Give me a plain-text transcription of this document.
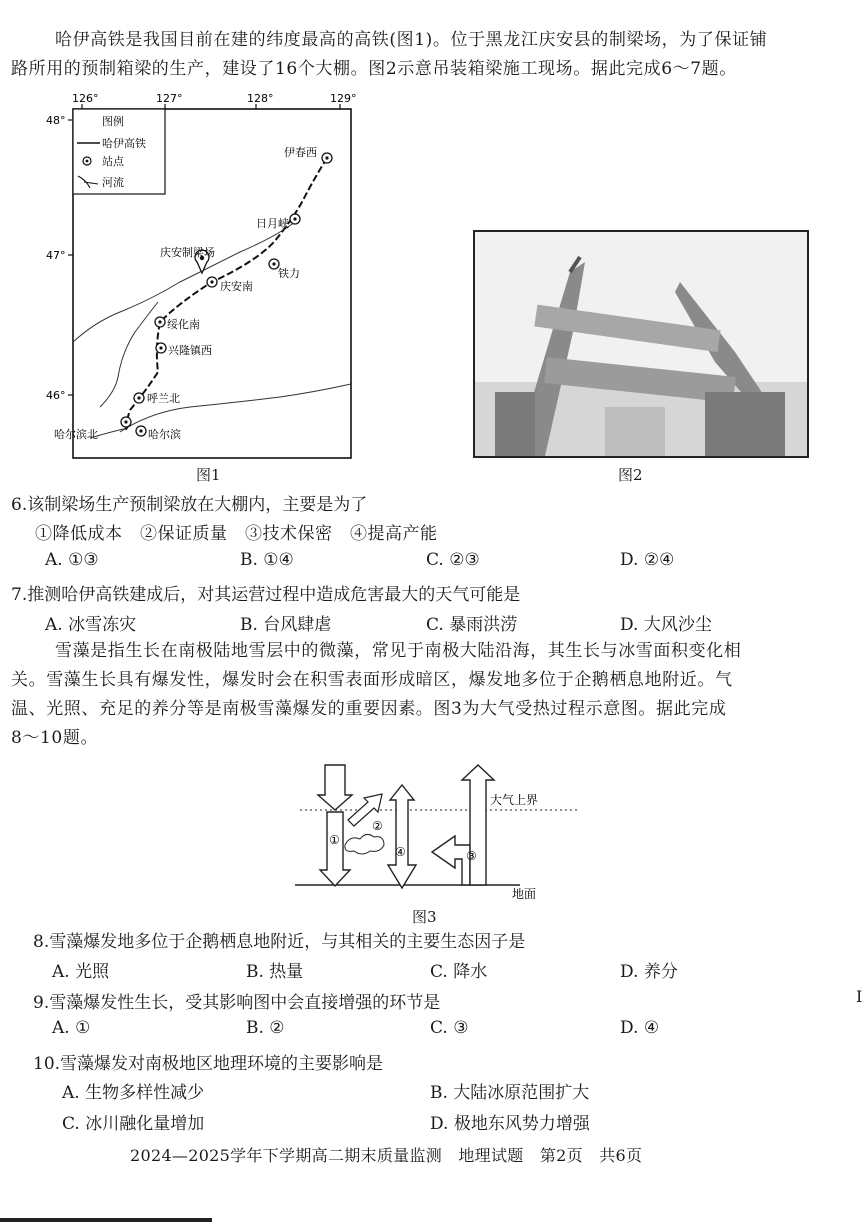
哈伊高铁是我国目前在建的纬度最高的高铁(图1)。位于黑龙江庆安县的制梁场，为了保证铺
路所用的预制箱梁的生产，建设了16个大棚。图2示意吊装箱梁施工现场。据此完成6～7题。
126°	127°	128°	129°
48°
47°
46°
图例
哈伊高铁
站点
河流
伊春西
日月峡
铁力
庆安南
绥化南
兴隆镇西
呼兰北
哈尔滨北	哈尔滨
庆安制梁场
图1	图2
6.该制梁场生产预制梁放在大棚内，主要是为了
①降低成本　②保证质量　③技术保密　④提高产能
A. ①③	B. ①④	C. ②③	D. ②④
7.推测哈伊高铁建成后，对其运营过程中造成危害最大的天气可能是
A. 冰雪冻灾	B. 台风肆虐	C. 暴雨洪涝	D. 大风沙尘
雪藻是指生长在南极陆地雪层中的微藻，常见于南极大陆沿海，其生长与冰雪面积变化相
关。雪藻生长具有爆发性，爆发时会在积雪表面形成暗区，爆发地多位于企鹅栖息地附近。气
温、光照、充足的养分等是南极雪藻爆发的重要因素。图3为大气受热过程示意图。据此完成
8～10题。
大气上界
地面
①
②
④	③
图3
8.雪藻爆发地多位于企鹅栖息地附近，与其相关的主要生态因子是
A. 光照	B. 热量	C. 降水	D. 养分
9.雪藻爆发性生长，受其影响图中会直接增强的环节是
A. ①	B. ②	C. ③	D. ④
I
10.雪藻爆发对南极地区地理环境的主要影响是
A. 生物多样性减少	B. 大陆冰原范围扩大
C. 冰川融化量增加	D. 极地东风势力增强
2024—2025学年下学期高二期末质量监测　地理试题　第2页　共6页
